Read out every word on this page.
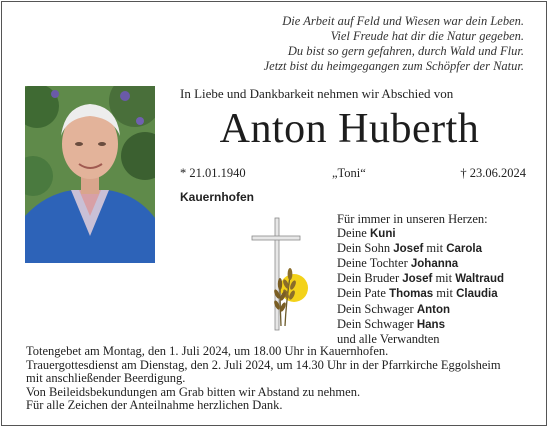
Die Arbeit auf Feld und Wiesen war dein Leben.
Viel Freude hat dir die Natur gegeben.
Du bist so gern gefahren, durch Wald und Flur.
Jetzt bist du heimgegangen zum Schöpfer der Natur.
In Liebe und Dankbarkeit nehmen wir Abschied von
Anton Huberth
* 21.01.1940	„Toni“	† 23.06.2024
Kauernhofen
Für immer in unseren Herzen:
Deine Kuni
Dein Sohn Josef mit Carola
Deine Tochter Johanna
Dein Bruder Josef mit Waltraud
Dein Pate Thomas mit Claudia
Dein Schwager Anton
Dein Schwager Hans
und alle Verwandten
Totengebet am Montag, den 1. Juli 2024, um 18.00 Uhr in Kauernhofen.
Trauergottesdienst am Dienstag, den 2. Juli 2024, um 14.30 Uhr in der Pfarrkirche Eggolsheim
mit anschließender Beerdigung.
Von Beileidsbekundungen am Grab bitten wir Abstand zu nehmen.
Für alle Zeichen der Anteilnahme herzlichen Dank.
